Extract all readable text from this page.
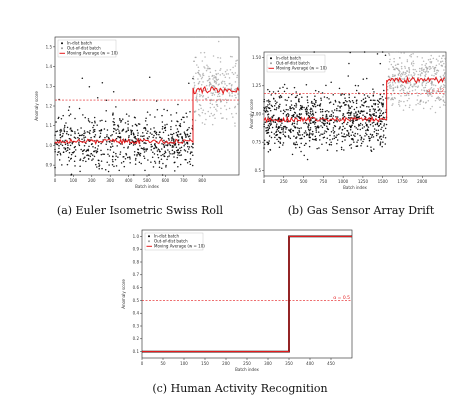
0	100	200	300	400	500	600	700	800
0.9
1.0
1.1
1.2
1.3
1.4
1.5
Batch index
Anomaly score
In-dist batch
Out-of-dist batch
Moving Average (w = 10)
(a) Euler Isometric Swiss Roll
0	250	500	750	1000 1250 1500 1750 2000
0.5
0.75
1.00
1.25
1.50
Batch index
Anomaly score
α = 1.2
In-dist batch
Out-of-dist batch
Moving Average (w = 10)
(b) Gas Sensor Array Drift
0	50	100	150	200	250	300	350	400	450
0.1
0.2
0.3
0.4
0.5
0.6
0.7
0.8
0.9
1.0
Batch index
Anomaly score	α = 0.5
In-dist batch
Out-of-dist batch
Moving Average (w = 10)
(c) Human Activity Recognition
